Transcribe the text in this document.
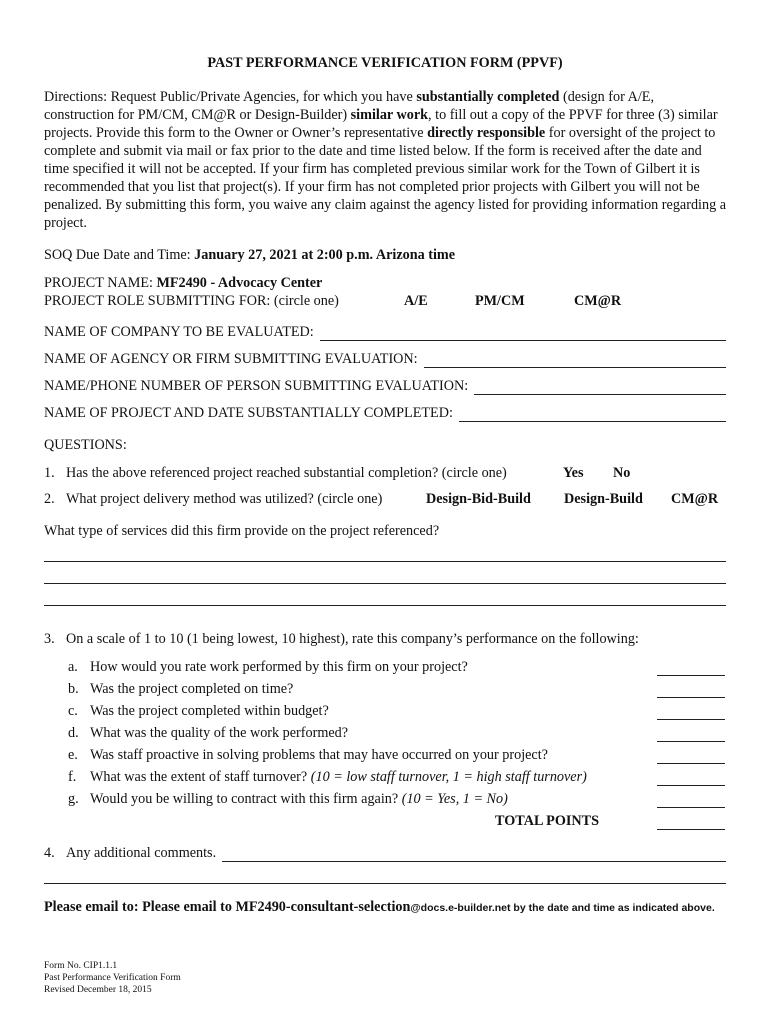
PAST PERFORMANCE VERIFICATION FORM (PPVF)
Directions: Request Public/Private Agencies, for which you have substantially completed (design for A/E, construction for PM/CM, CM@R or Design-Builder) similar work, to fill out a copy of the PPVF for three (3) similar projects. Provide this form to the Owner or Owner’s representative directly responsible for oversight of the project to complete and submit via mail or fax prior to the date and time listed below. If the form is received after the date and time specified it will not be accepted. If your firm has completed previous similar work for the Town of Gilbert it is recommended that you list that project(s). If your firm has not completed prior projects with Gilbert you will not be penalized. By submitting this form, you waive any claim against the agency listed for providing information regarding a project.
SOQ Due Date and Time: January 27, 2021 at 2:00 p.m. Arizona time
PROJECT NAME: MF2490 - Advocacy Center
PROJECT ROLE SUBMITTING FOR: (circle one)	A/E	PM/CM	CM@R
NAME OF COMPANY TO BE EVALUATED:
NAME OF AGENCY OR FIRM SUBMITTING EVALUATION:
NAME/PHONE NUMBER OF PERSON SUBMITTING EVALUATION:
NAME OF PROJECT AND DATE SUBSTANTIALLY COMPLETED:
QUESTIONS:
1. Has the above referenced project reached substantial completion? (circle one)	Yes	No
2. What project delivery method was utilized? (circle one)	Design-Bid-Build	Design-Build	CM@R
What type of services did this firm provide on the project referenced?
3. On a scale of 1 to 10 (1 being lowest, 10 highest), rate this company’s performance on the following:
a. How would you rate work performed by this firm on your project?
b. Was the project completed on time?
c. Was the project completed within budget?
d. What was the quality of the work performed?
e. Was staff proactive in solving problems that may have occurred on your project?
f. What was the extent of staff turnover? (10 = low staff turnover, 1 = high staff turnover)
g. Would you be willing to contract with this firm again? (10 = Yes, 1 = No)
TOTAL POINTS
4. Any additional comments.
Please email to: Please email to MF2490-consultant-selection@docs.e-builder.net by the date and time as indicated above.
Form No. CIP1.1.1
Past Performance Verification Form
Revised December 18, 2015
